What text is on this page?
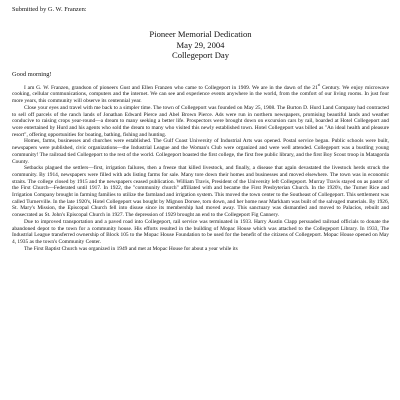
Submitted by G. W. Franzen:
Pioneer Memorial Dedication
May 29, 2004
Collegeport Day
Good morning!

I am G. W. Franzen, grandson of pioneers Gust and Ellen Franzen who came to Collegeport in 1909. We are in the dawn of the 21st Century. We enjoy microwave cooking, cellular communications, computers and the internet. We can see and experience events anywhere in the world, from the comfort of our living rooms. In just four more years, this community will observe its centennial year.

Close your eyes and travel with me back to a simpler time. The town of Collegeport was founded on May 25, 1908. The Burton D. Hurd Land Company had contracted to sell off parcels of the ranch lands of Jonathan Edward Pierce and Abel Brown Pierce. Ads were run in northern newspapers, promising beautiful lands and weather conducive to raising crops year-round—a dream to many seeking a better life. Prospectors were brought down on excursion cars by rail, boarded at Hotel Collegeport and wore entertained by Hurd and his agents who sold the dream to many who visited this newly established town. Hotel Collegeport was billed as "An ideal health and pleasure resort", offering opportunities for boating, bathing, fishing and hunting.

Homes, farms, businesses and churches were established. The Gulf Coast University of Industrial Arts was opened. Postal service began. Public schools were built, newspapers were published, civic organizations—the Industrial League and the Woman's Club were organized and were well attended. Collegeport was a bustling young community! The railroad tied Collegeport to the rest of the world. Collegeport boasted the first college, the first free public library, and the first Boy Scout troop in Matagorda County.

Setbacks plagued the settlers—first, irrigation failures, then a freeze that killed livestock, and finally, a disease that again devastated the livestock herds struck the community. By 1914, newspapers were filled with ads listing farms for sale. Many tore down their homes and businesses and moved elsewhere. The town was in economic straits. The college closed by 1915 and the newspapers ceased publication. William Travis, President of the University left Collegeport. Murray Travis stayed on as pastor of the First Church—Federated until 1917. In 1922, the "community church" affiliated with and became the First Presbyterian Church. In the 1920's, the Turner Rice and Irrigation Company brought in farming families to utilize the farmland and irrigation system. This moved the town center to the Southeast of Collegeport. This settlement was called Turnerville. In the late 1920's, Hotel Collegeport was bought by Mignon Dorsee, torn down, and her home near Markham was built of the salvaged materials. By 1926, St. Mary's Mission, the Episcopal Church fell into disuse since its membership had moved away. This sanctuary was dismantled and moved to Palacios, rebuilt and consecrated as St. John's Episcopal Church in 1927. The depression of 1929 brought an end to the Collegeport Fig Cannery.

Due to improved transportation and a paved road into Collegeport, rail service was terminated in 1933. Harry Austin Clapp persuaded railroad officials to donate the abandoned depot to the town for a community house. His efforts resulted in the building of Mopac House which was attached to the Collegeport Library. In 1933, The Industrial League transferred ownership of Block 105 to the Mopac House Foundation to be used for the benefit of the citizens of Collegeport. Mopac House opened on May 4, 1935 as the town's Community Center.

The First Baptist Church was organized in 1949 and met at Mopac House for about a year while its
